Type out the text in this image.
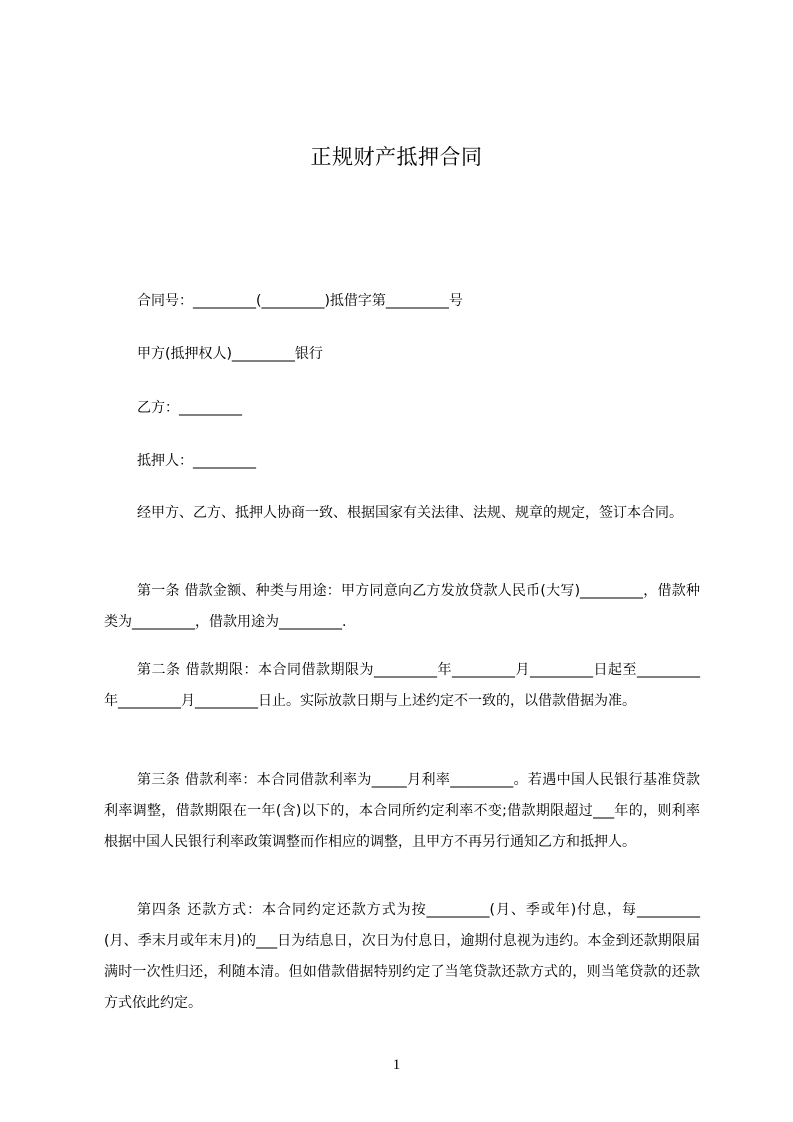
正规财产抵押合同
合同号：_________(_________)抵借字第_________号
甲方(抵押权人)_________银行
乙方：_________
抵押人：_________
经甲方、乙方、抵押人协商一致、根据国家有关法律、法规、规章的规定，签订本合同。
第一条 借款金额、种类与用途：甲方同意向乙方发放贷款人民币(大写)_________，借款种类为_________，借款用途为_________.
第二条 借款期限：本合同借款期限为_________年_________月_________日起至_________年_________月_________日止。实际放款日期与上述约定不一致的，以借款借据为准。
第三条 借款利率：本合同借款利率为_____月利率_________。若遇中国人民银行基准贷款利率调整，借款期限在一年(含)以下的，本合同所约定利率不变;借款期限超过___年的，则利率根据中国人民银行利率政策调整而作相应的调整，且甲方不再另行通知乙方和抵押人。
第四条 还款方式：本合同约定还款方式为按_________(月、季或年)付息，每_________(月、季末月或年末月)的___日为结息日，次日为付息日，逾期付息视为违约。本金到还款期限届满时一次性归还，利随本清。但如借款借据特别约定了当笔贷款还款方式的，则当笔贷款的还款方式依此约定。
1
